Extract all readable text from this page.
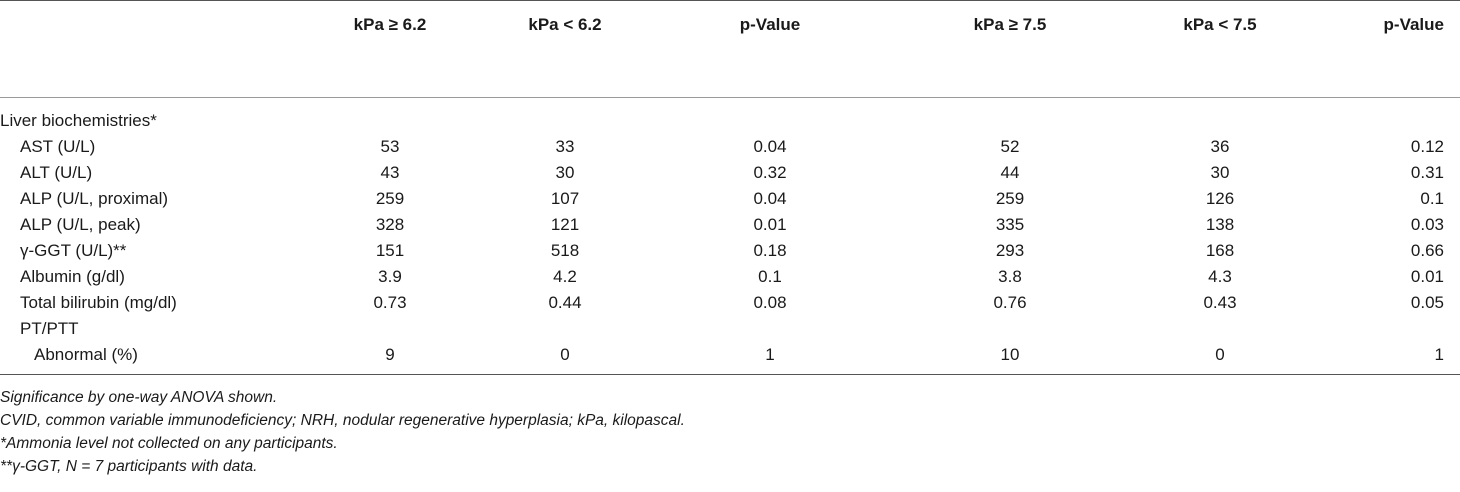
	kPa ≥ 6.2	kPa < 6.2	p-Value	kPa ≥ 7.5	kPa < 7.5	p-Value
Liver biochemistries*						
AST (U/L)	53	33	0.04	52	36	0.12
ALT (U/L)	43	30	0.32	44	30	0.31
ALP (U/L, proximal)	259	107	0.04	259	126	0.1
ALP (U/L, peak)	328	121	0.01	335	138	0.03
γ-GGT (U/L)**	151	518	0.18	293	168	0.66
Albumin (g/dl)	3.9	4.2	0.1	3.8	4.3	0.01
Total bilirubin (mg/dl)	0.73	0.44	0.08	0.76	0.43	0.05
PT/PTT						
Abnormal (%)	9	0	1	10	0	1
Significance by one-way ANOVA shown.
CVID, common variable immunodeficiency; NRH, nodular regenerative hyperplasia; kPa, kilopascal.
*Ammonia level not collected on any participants.
**γ-GGT, N = 7 participants with data.
